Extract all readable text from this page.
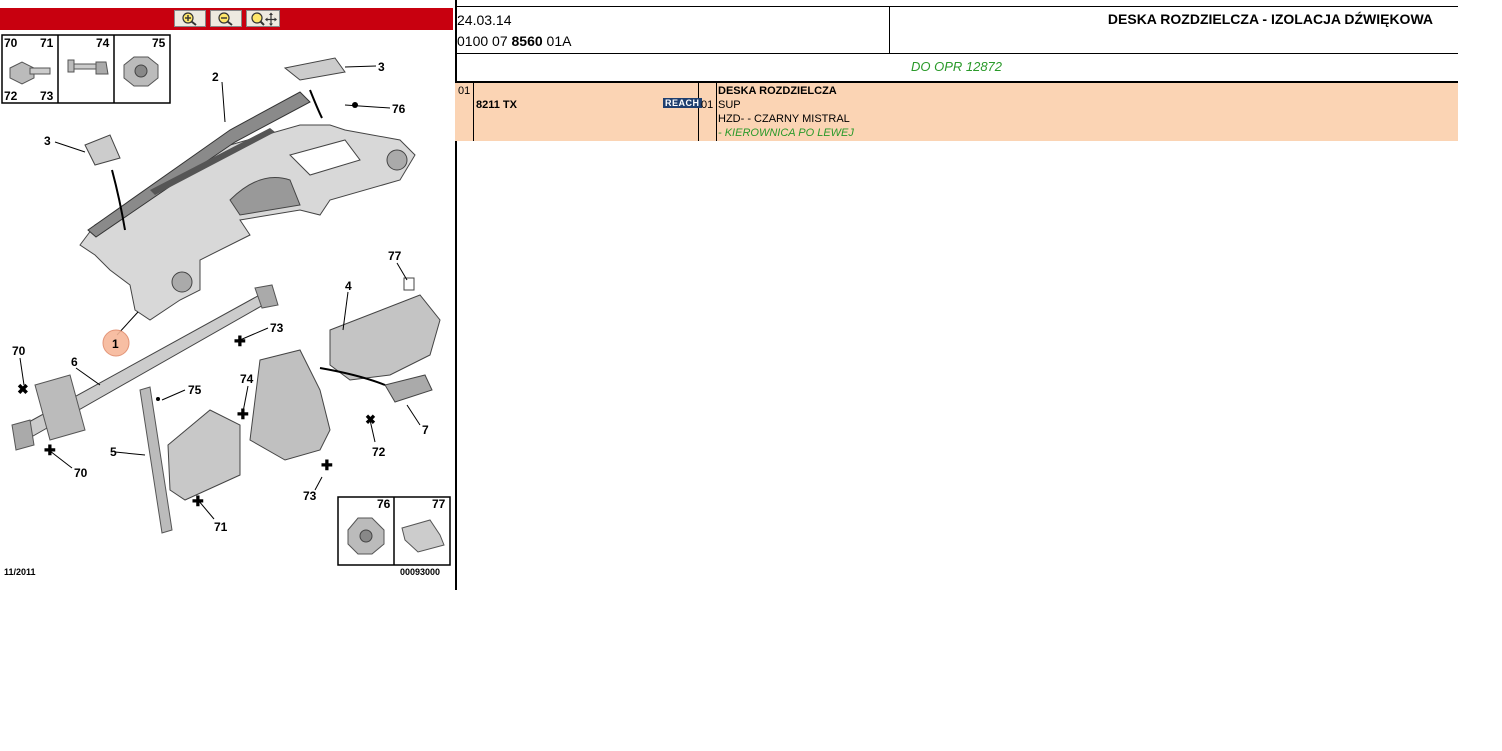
70 71
72 73
74	75
✖
✚
✚
✚	✖
✚
✚
1
2
3
3
4
5
6
7
70
70
71
72
73
73
74
75
76
77
76	77
11/2011	00093000
24.03.14
0100 07 8560 01A
DESKA ROZDZIELCZA - IZOLACJA DŹWIĘKOWA
DO OPR 12872
01
8211 TX	REACH 01
DESKA ROZDZIELCZA
SUP
HZD- - CZARNY MISTRAL
- KIEROWNICA PO LEWEJ
